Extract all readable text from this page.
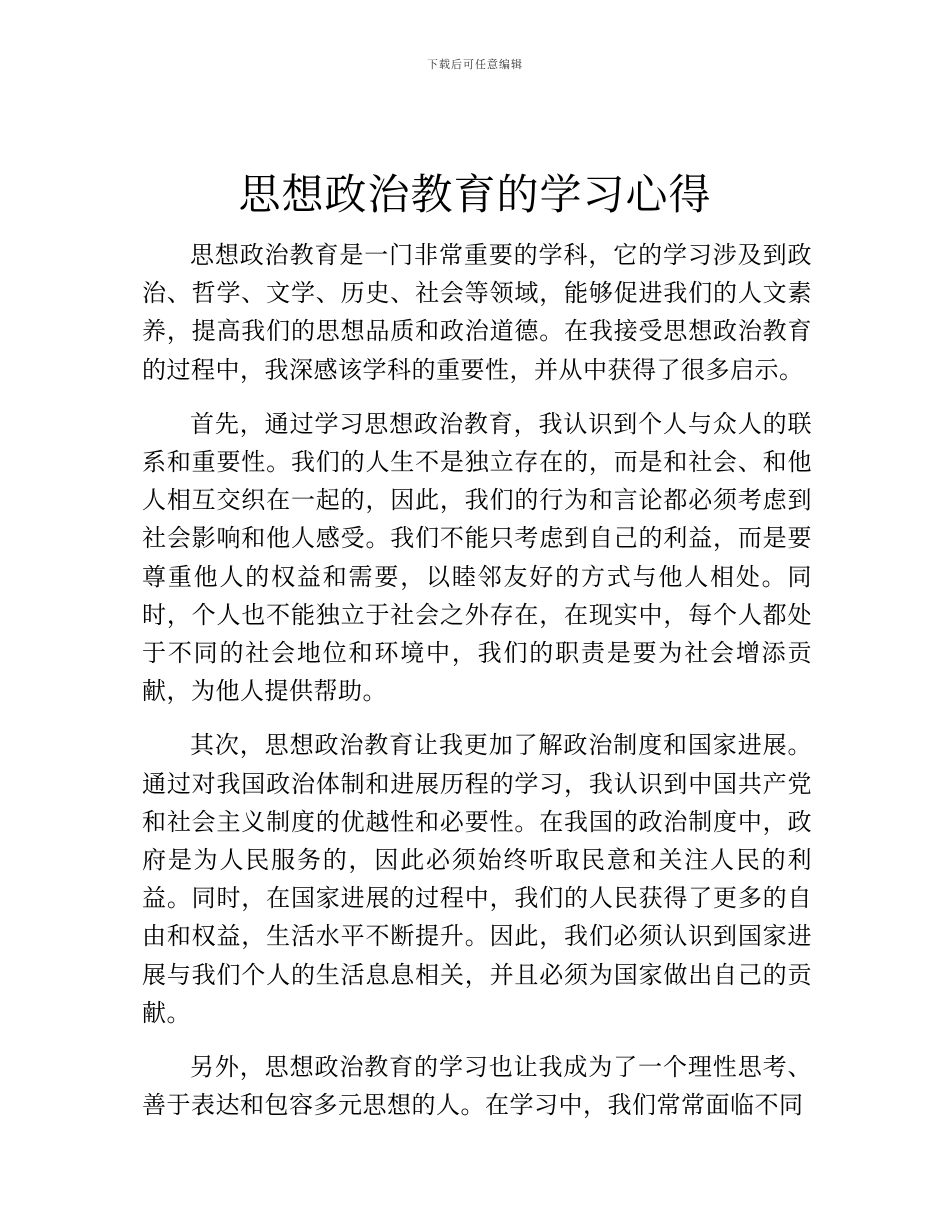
下载后可任意编辑
思想政治教育的学习心得

思想政治教育是一门非常重要的学科，它的学习涉及到政治、哲学、文学、历史、社会等领域，能够促进我们的人文素养，提高我们的思想品质和政治道德。在我接受思想政治教育的过程中，我深感该学科的重要性，并从中获得了很多启示。

首先，通过学习思想政治教育，我认识到个人与众人的联系和重要性。我们的人生不是独立存在的，而是和社会、和他人相互交织在一起的，因此，我们的行为和言论都必须考虑到社会影响和他人感受。我们不能只考虑到自己的利益，而是要尊重他人的权益和需要，以睦邻友好的方式与他人相处。同时，个人也不能独立于社会之外存在，在现实中，每个人都处于不同的社会地位和环境中，我们的职责是要为社会增添贡献，为他人提供帮助。

其次，思想政治教育让我更加了解政治制度和国家进展。通过对我国政治体制和进展历程的学习，我认识到中国共产党和社会主义制度的优越性和必要性。在我国的政治制度中，政府是为人民服务的，因此必须始终听取民意和关注人民的利益。同时，在国家进展的过程中，我们的人民获得了更多的自由和权益，生活水平不断提升。因此，我们必须认识到国家进展与我们个人的生活息息相关，并且必须为国家做出自己的贡献。

另外，思想政治教育的学习也让我成为了一个理性思考、善于表达和包容多元思想的人。在学习中，我们常常面临不同
